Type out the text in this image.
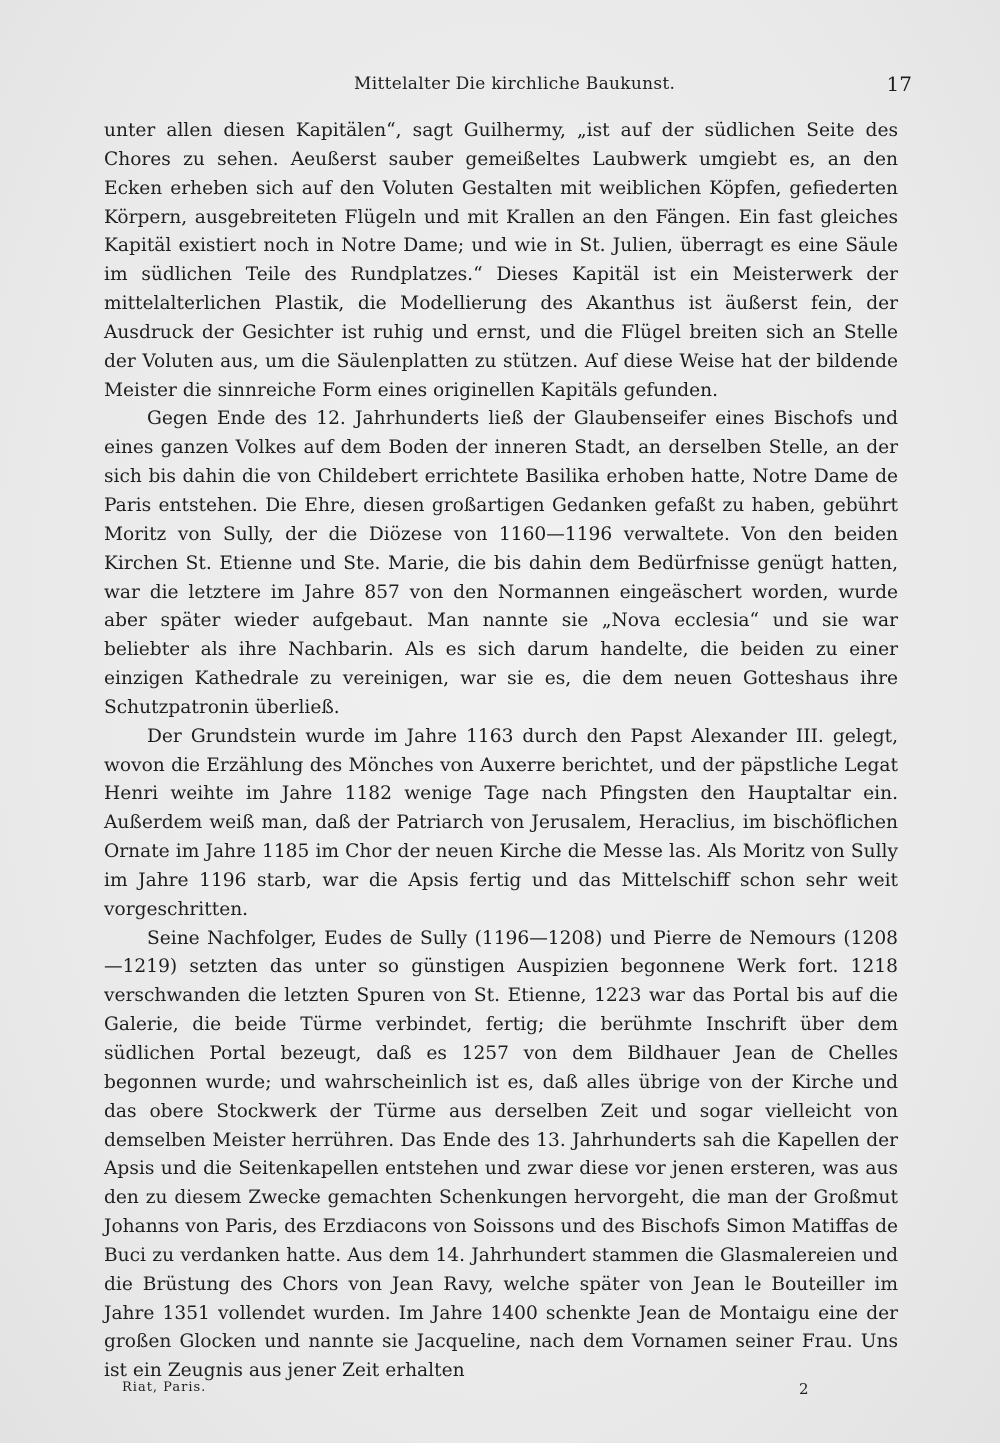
Mittelalter Die kirchliche Baukunst.	17

unter allen diesen Kapitälen“, sagt Guilhermy, „ist auf der südlichen Seite des Chores zu sehen. Aeußerst sauber gemeißeltes Laubwerk umgiebt es, an den Ecken erheben sich auf den Voluten Gestalten mit weiblichen Köpfen, gefiederten Körpern, ausgebreiteten Flügeln und mit Krallen an den Fängen. Ein fast gleiches Kapitäl existiert noch in Notre Dame; und wie in St. Julien, überragt es eine Säule im südlichen Teile des Rundplatzes.“ Dieses Kapitäl ist ein Meisterwerk der mittelalterlichen Plastik, die Modellierung des Akanthus ist äußerst fein, der Ausdruck der Gesichter ist ruhig und ernst, und die Flügel breiten sich an Stelle der Voluten aus, um die Säulenplatten zu stützen. Auf diese Weise hat der bildende Meister die sinnreiche Form eines originellen Kapitäls gefunden.

Gegen Ende des 12. Jahrhunderts ließ der Glaubenseifer eines Bischofs und eines ganzen Volkes auf dem Boden der inneren Stadt, an derselben Stelle, an der sich bis dahin die von Childebert errichtete Basilika erhoben hatte, Notre Dame de Paris entstehen. Die Ehre, diesen großartigen Gedanken gefaßt zu haben, gebührt Moritz von Sully, der die Diözese von 1160—1196 verwaltete. Von den beiden Kirchen St. Etienne und Ste. Marie, die bis dahin dem Bedürfnisse genügt hatten, war die letztere im Jahre 857 von den Normannen eingeäschert worden, wurde aber später wieder aufgebaut. Man nannte sie „Nova ecclesia“ und sie war beliebter als ihre Nachbarin. Als es sich darum handelte, die beiden zu einer einzigen Kathedrale zu vereinigen, war sie es, die dem neuen Gotteshaus ihre Schutzpatronin überließ.

Der Grundstein wurde im Jahre 1163 durch den Papst Alexander III. gelegt, wovon die Erzählung des Mönches von Auxerre berichtet, und der päpstliche Legat Henri weihte im Jahre 1182 wenige Tage nach Pfingsten den Hauptaltar ein. Außerdem weiß man, daß der Patriarch von Jerusalem, Heraclius, im bischöflichen Ornate im Jahre 1185 im Chor der neuen Kirche die Messe las. Als Moritz von Sully im Jahre 1196 starb, war die Apsis fertig und das Mittelschiff schon sehr weit vorgeschritten.

Seine Nachfolger, Eudes de Sully (1196—1208) und Pierre de Nemours (1208—1219) setzten das unter so günstigen Auspizien begonnene Werk fort. 1218 verschwanden die letzten Spuren von St. Etienne, 1223 war das Portal bis auf die Galerie, die beide Türme verbindet, fertig; die berühmte Inschrift über dem südlichen Portal bezeugt, daß es 1257 von dem Bildhauer Jean de Chelles begonnen wurde; und wahrscheinlich ist es, daß alles übrige von der Kirche und das obere Stockwerk der Türme aus derselben Zeit und sogar vielleicht von demselben Meister herrühren. Das Ende des 13. Jahrhunderts sah die Kapellen der Apsis und die Seitenkapellen entstehen und zwar diese vor jenen ersteren, was aus den zu diesem Zwecke gemachten Schenkungen hervorgeht, die man der Großmut Johanns von Paris, des Erzdiacons von Soissons und des Bischofs Simon Matiffas de Buci zu verdanken hatte. Aus dem 14. Jahrhundert stammen die Glasmalereien und die Brüstung des Chors von Jean Ravy, welche später von Jean le Bouteiller im Jahre 1351 vollendet wurden. Im Jahre 1400 schenkte Jean de Montaigu eine der großen Glocken und nannte sie Jacqueline, nach dem Vornamen seiner Frau. Uns ist ein Zeugnis aus jener Zeit erhalten

Riat, Paris.	2
